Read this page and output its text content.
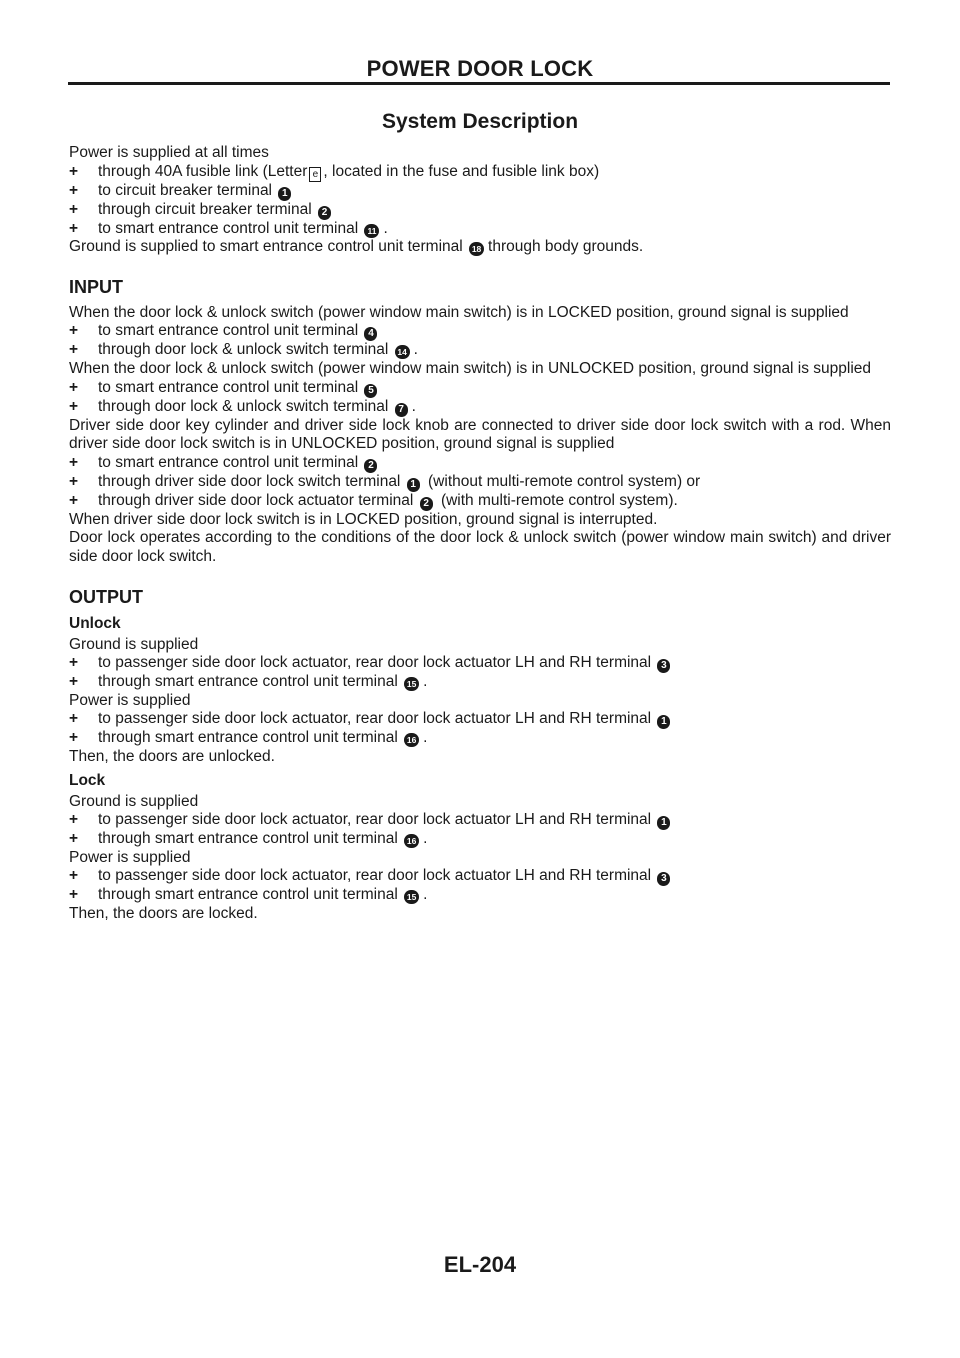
POWER DOOR LOCK
System Description

Power is supplied at all times

+ through 40A fusible link (Letter e , located in the fuse and fusible link box)

+ to circuit breaker terminal 1

+ through circuit breaker terminal 2

+ to smart entrance control unit terminal 11 .

Ground is supplied to smart entrance control unit terminal 18 through body grounds.

INPUT

When the door lock & unlock switch (power window main switch) is in LOCKED position, ground signal is supplied

+ to smart entrance control unit terminal 4

+ through door lock & unlock switch terminal 14 .

When the door lock & unlock switch (power window main switch) is in UNLOCKED position, ground signal is supplied

+ to smart entrance control unit terminal 5

+ through door lock & unlock switch terminal 7 .

Driver side door key cylinder and driver side lock knob are connected to driver side door lock switch with a rod. When driver side door lock switch is in UNLOCKED position, ground signal is supplied

+ to smart entrance control unit terminal 2

+ through driver side door lock switch terminal 1 (without multi-remote control system) or

+ through driver side door lock actuator terminal 2 (with multi-remote control system).

When driver side door lock switch is in LOCKED position, ground signal is interrupted.

Door lock operates according to the conditions of the door lock & unlock switch (power window main switch) and driver side door lock switch.

OUTPUT
Unlock

Ground is supplied

+ to passenger side door lock actuator, rear door lock actuator LH and RH terminal 3

+ through smart entrance control unit terminal 15 .

Power is supplied

+ to passenger side door lock actuator, rear door lock actuator LH and RH terminal 1

+ through smart entrance control unit terminal 16 .

Then, the doors are unlocked.

Lock

Ground is supplied

+ to passenger side door lock actuator, rear door lock actuator LH and RH terminal 1

+ through smart entrance control unit terminal 16 .

Power is supplied

+ to passenger side door lock actuator, rear door lock actuator LH and RH terminal 3

+ through smart entrance control unit terminal 15 .

Then, the doors are locked.

EL-204
